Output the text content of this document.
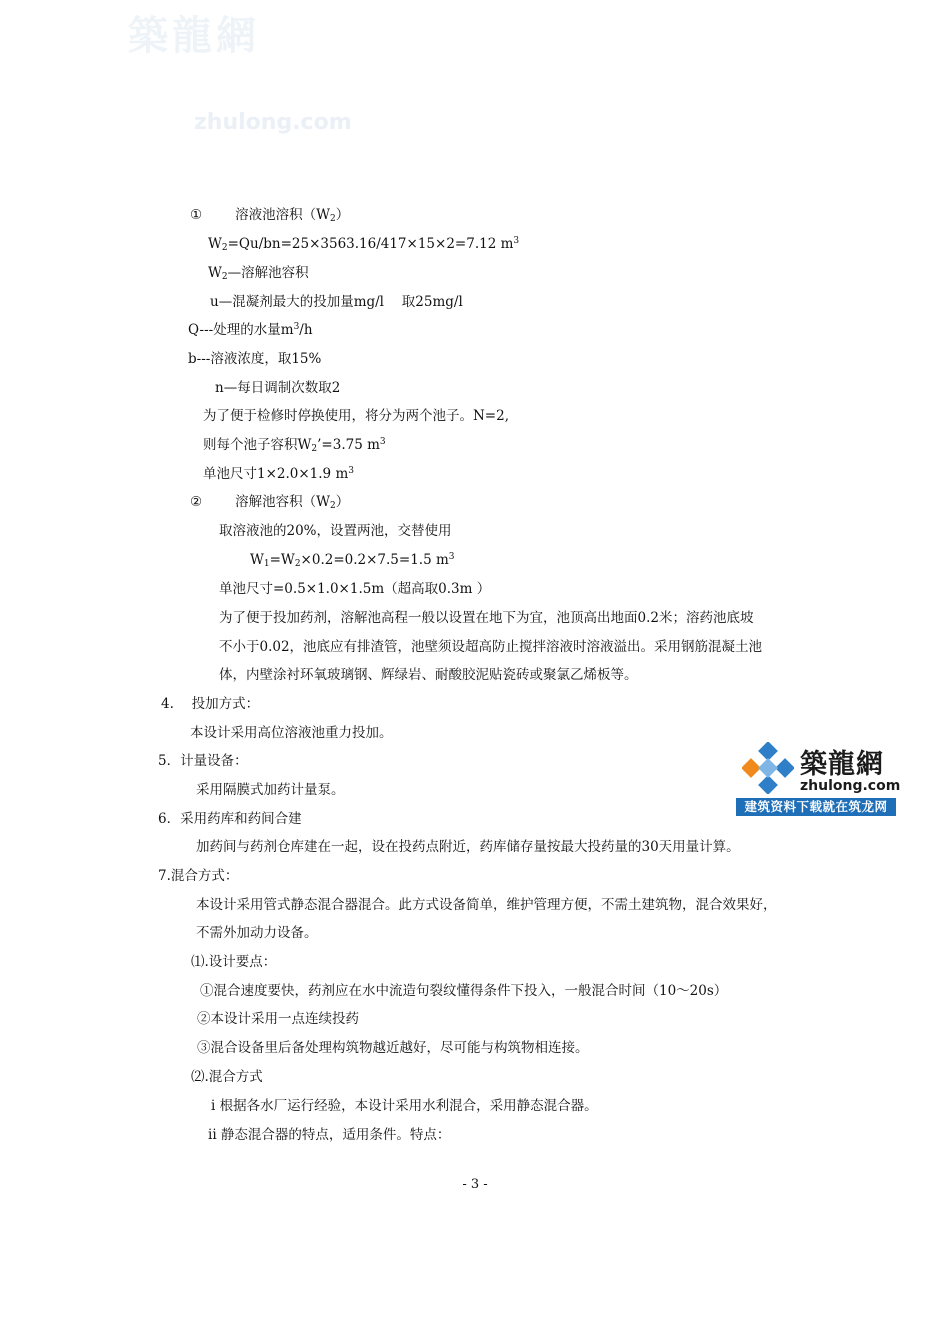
築龍網
zhulong.com
① 溶液池溶积$(W_2)$
$W_2=Qu/bn=25\times 3563.16/417\times 15\times 2=7.12$ $m^3$
$W_2—$溶解池容积
u—混凝剂最大的投加量mg/l　 取25mg/l
Q---处理的水量$m^3/h$
b---溶液浓度，取15%
n—每日调制次数取2
为了便于检修时停换使用，将分为两个池子。N=2,
则每个池子容积$W_2’=3.75$ $m^3$
单池尺寸1×2.0×1.9 $m^3$
② 溶解池容积$(W_2)$
取溶液池的20%，设置两池，交替使用
$W_1=W_2\times 0.2=0.2\times 7.5=1.5$ $m^3$
单池尺寸=0.5×1.0×1.5m（超高取0.3m ）
为了便于投加药剂，溶解池高程一般以设置在地下为宜，池顶高出地面0.2米；溶药池底坡
不小于0.02，池底应有排渣管，池壁须设超高防止搅拌溶液时溶液溢出。采用钢筋混凝土池
体，内壁涂衬环氧玻璃钢、辉绿岩、耐酸胶泥贴瓷砖或聚氯乙烯板等。
4.　 投加方式：
本设计采用高位溶液池重力投加。
5．计量设备：
采用隔膜式加药计量泵。
6．采用药库和药间合建
加药间与药剂仓库建在一起，设在投药点附近，药库储存量按最大投药量的30天用量计算。
7.混合方式：
本设计采用管式静态混合器混合。此方式设备简单，维护管理方便，不需土建筑物，混合效果好，
不需外加动力设备。
⑴.设计要点：
①混合速度要快，药剂应在水中流造句裂纹懂得条件下投入，一般混合时间（10～20s）
②本设计采用一点连续投药
③混合设备里后备处理构筑物越近越好，尽可能与构筑物相连接。
⑵.混合方式
i 根据各水厂运行经验，本设计采用水利混合，采用静态混合器。
ii 静态混合器的特点，适用条件。特点：
築龍網
zhulong.com
建筑资料下载就在筑龙网
- 3 -
